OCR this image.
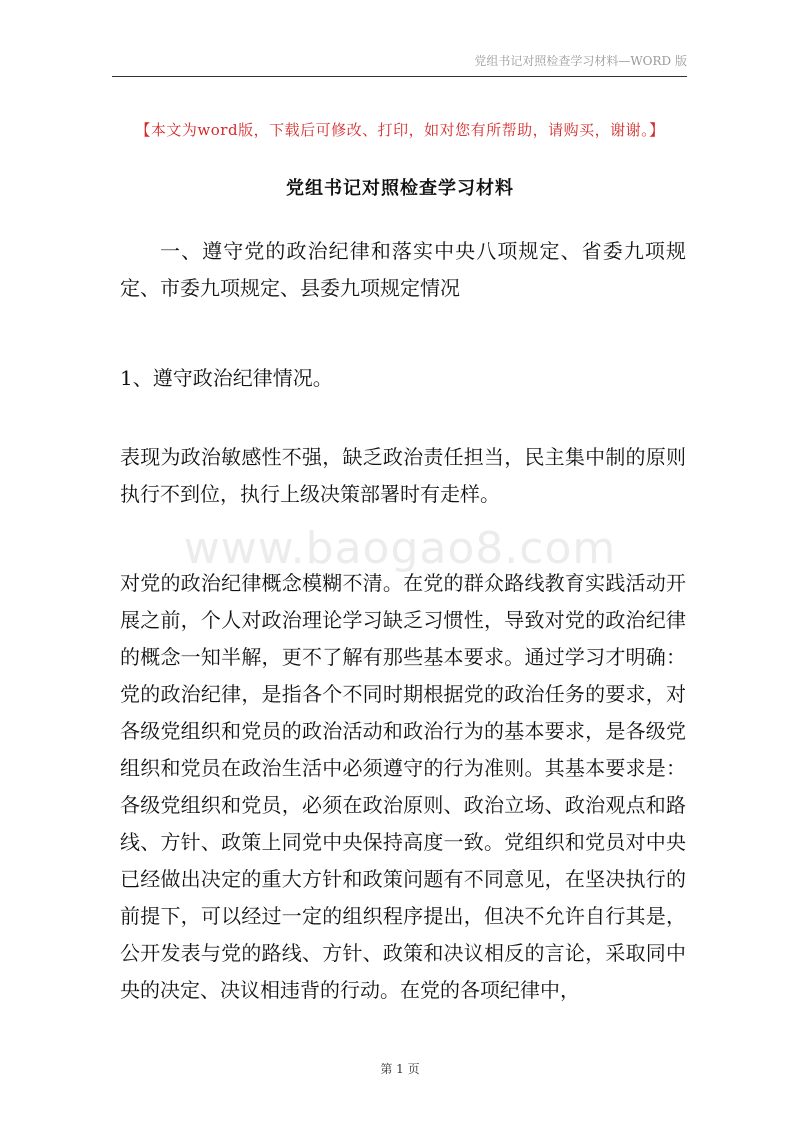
党组书记对照检查学习材料—WORD 版
【本文为word版，下载后可修改、打印，如对您有所帮助，请购买，谢谢。】
党组书记对照检查学习材料

一、遵守党的政治纪律和落实中央八项规定、省委九项规定、市委九项规定、县委九项规定情况

1、遵守政治纪律情况。

表现为政治敏感性不强，缺乏政治责任担当，民主集中制的原则执行不到位，执行上级决策部署时有走样。

www.baogao8.com

对党的政治纪律概念模糊不清。在党的群众路线教育实践活动开展之前，个人对政治理论学习缺乏习惯性，导致对党的政治纪律的概念一知半解，更不了解有那些基本要求。通过学习才明确：党的政治纪律，是指各个不同时期根据党的政治任务的要求，对各级党组织和党员的政治活动和政治行为的基本要求，是各级党组织和党员在政治生活中必须遵守的行为准则。其基本要求是：各级党组织和党员，必须在政治原则、政治立场、政治观点和路线、方针、政策上同党中央保持高度一致。党组织和党员对中央已经做出决定的重大方针和政策问题有不同意见，在坚决执行的前提下，可以经过一定的组织程序提出，但决不允许自行其是，公开发表与党的路线、方针、政策和决议相反的言论，采取同中央的决定、决议相违背的行动。在党的各项纪律中，

第 1 页
